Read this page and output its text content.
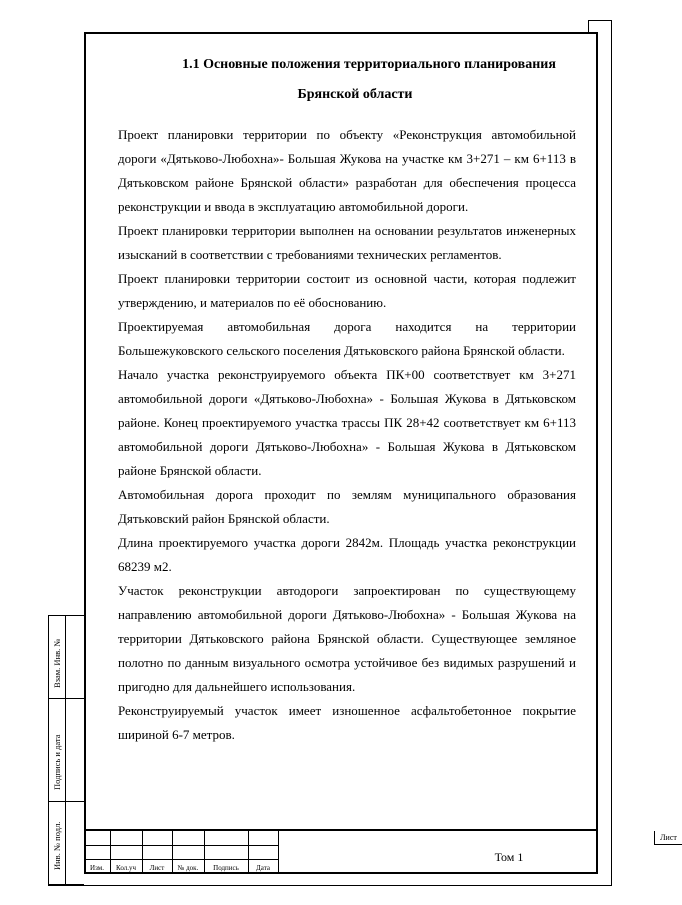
Взам. Инв. №
Подпись и дата
Инв. № подл.
1.1 Основные положения территориального планирования
Брянской области

Проект планировки территории по объекту «Реконструкция автомобильной дороги «Дятьково-Любохна»- Большая Жукова на участке км 3+271 – км 6+113 в Дятьковском районе Брянской области» разработан для обеспечения процесса реконструкции и ввода в эксплуатацию автомобильной дороги.

Проект планировки территории выполнен на основании результатов инженерных изысканий в соответствии с требованиями технических регламентов.

Проект планировки территории состоит из основной части, которая подлежит утверждению, и материалов по её обоснованию.

Проектируемая автомобильная дорога находится на территории Большежуковского сельского поселения Дятьковского района Брянской области.

Начало участка реконструируемого объекта ПК+00 соответствует км 3+271 автомобильной дороги «Дятьково-Любохна» - Большая Жукова в Дятьковском районе. Конец проектируемого участка трассы ПК 28+42 соответствует км 6+113 автомобильной дороги Дятьково-Любохна» - Большая Жукова в Дятьковском районе Брянской области.

Автомобильная дорога проходит по землям муниципального образования Дятьковский район Брянской области.

Длина проектируемого участка дороги 2842м. Площадь участка реконструкции 68239 м2.

Участок реконструкции автодороги запроектирован по существующему направлению автомобильной дороги Дятьково-Любохна» - Большая Жукова на территории Дятьковского района Брянской области. Существующее земляное полотно по данным визуального осмотра устойчивое без видимых разрушений и пригодно для дальнейшего использования.

Реконструируемый участок имеет изношенное асфальтобетонное покрытие шириной 6-7 метров.

Изм.	Кол.уч	Лист	№ док.	Подпись	Дата
Том 1
Лист
